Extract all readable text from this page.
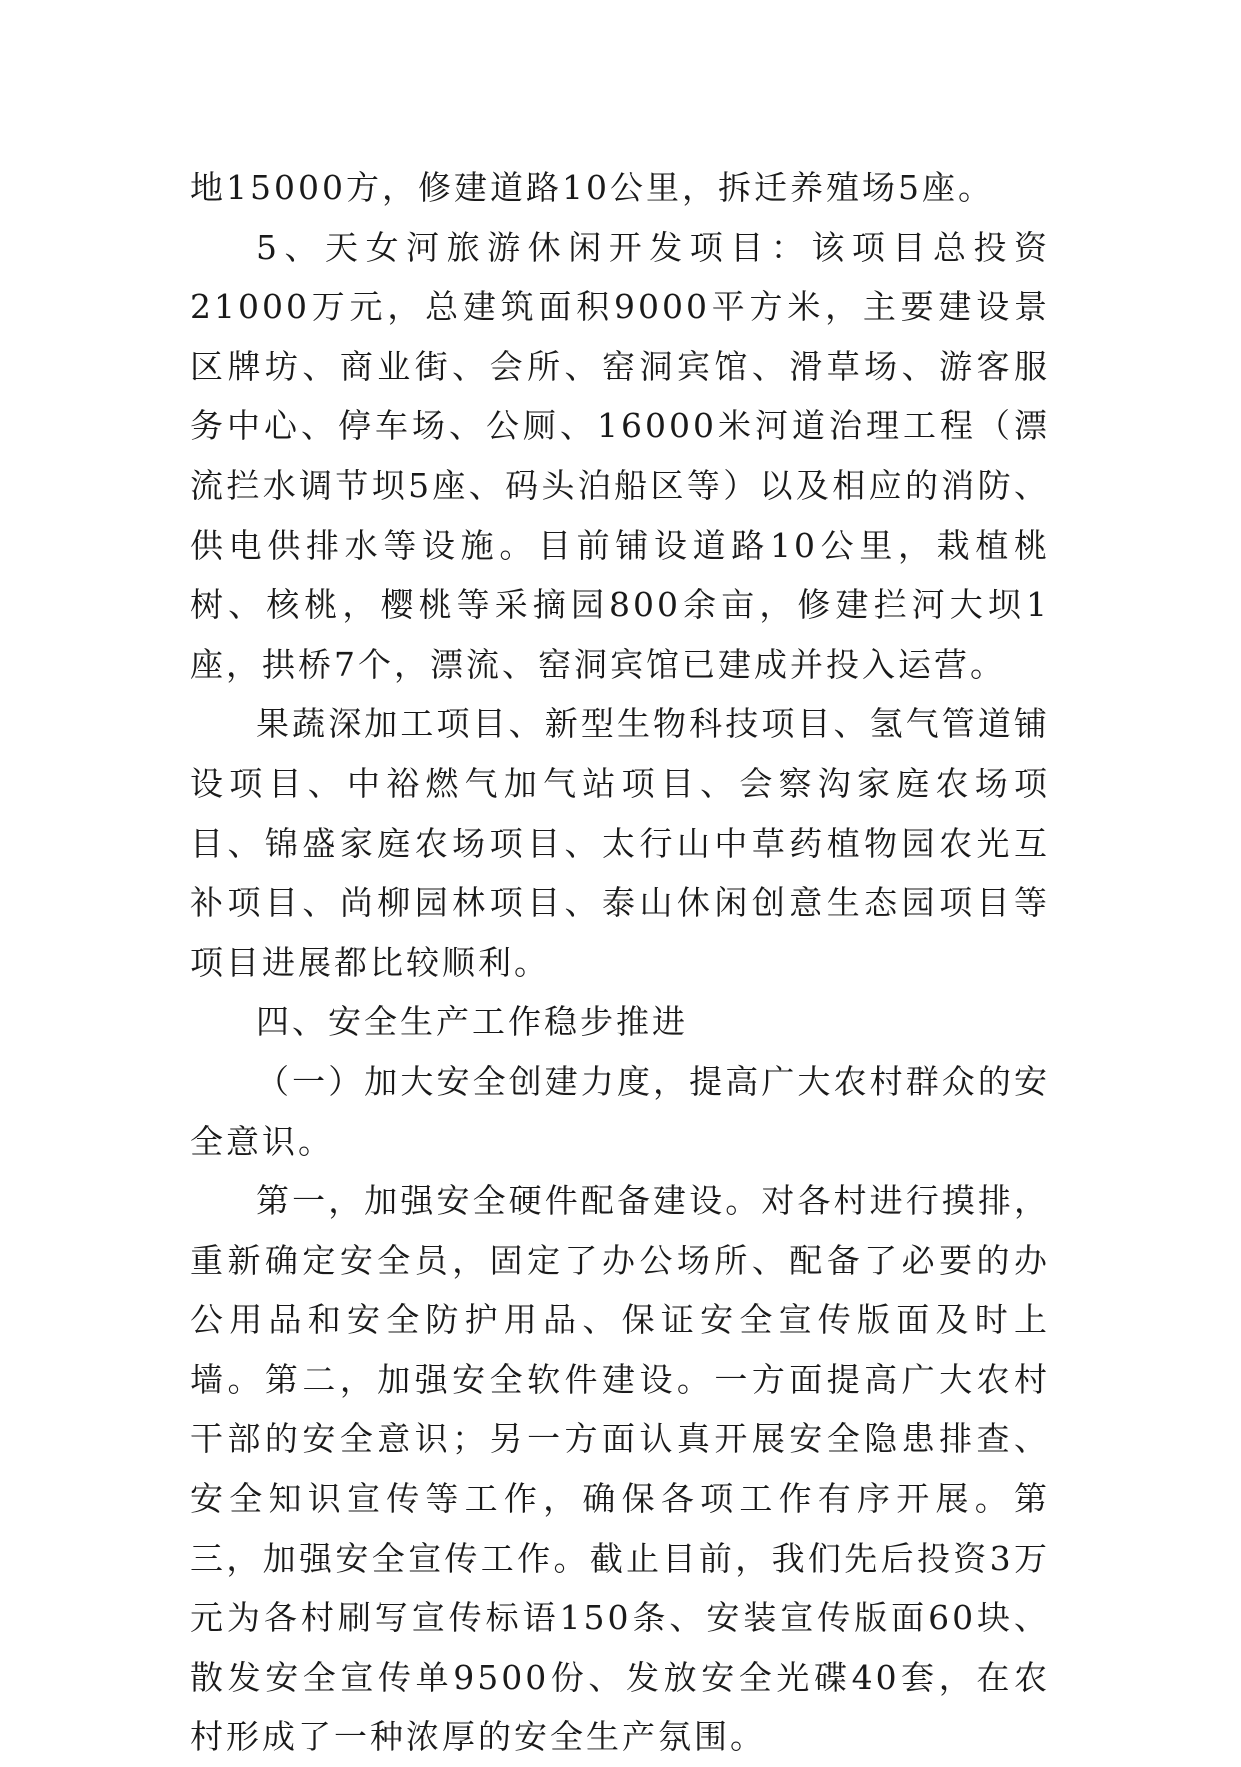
地15000方，修建道路10公里，拆迁养殖场5座。

5、天女河旅游休闲开发项目：该项目总投资21000万元，总建筑面积9000平方米，主要建设景区牌坊、商业街、会所、窑洞宾馆、滑草场、游客服务中心、停车场、公厕、16000米河道治理工程（漂流拦水调节坝5座、码头泊船区等）以及相应的消防、供电供排水等设施。目前铺设道路10公里，栽植桃树、核桃，樱桃等采摘园800余亩，修建拦河大坝1座，拱桥7个，漂流、窑洞宾馆已建成并投入运营。

果蔬深加工项目、新型生物科技项目、氢气管道铺设项目、中裕燃气加气站项目、会察沟家庭农场项目、锦盛家庭农场项目、太行山中草药植物园农光互补项目、尚柳园林项目、泰山休闲创意生态园项目等项目进展都比较顺利。

四、安全生产工作稳步推进

（一）加大安全创建力度，提高广大农村群众的安全意识。

第一，加强安全硬件配备建设。对各村进行摸排，重新确定安全员，固定了办公场所、配备了必要的办公用品和安全防护用品、保证安全宣传版面及时上墙。第二，加强安全软件建设。一方面提高广大农村干部的安全意识；另一方面认真开展安全隐患排查、安全知识宣传等工作，确保各项工作有序开展。第三，加强安全宣传工作。截止目前，我们先后投资3万元为各村刷写宣传标语150条、安装宣传版面60块、散发安全宣传单9500份、发放安全光碟40套，在农村形成了一种浓厚的安全生产氛围。
